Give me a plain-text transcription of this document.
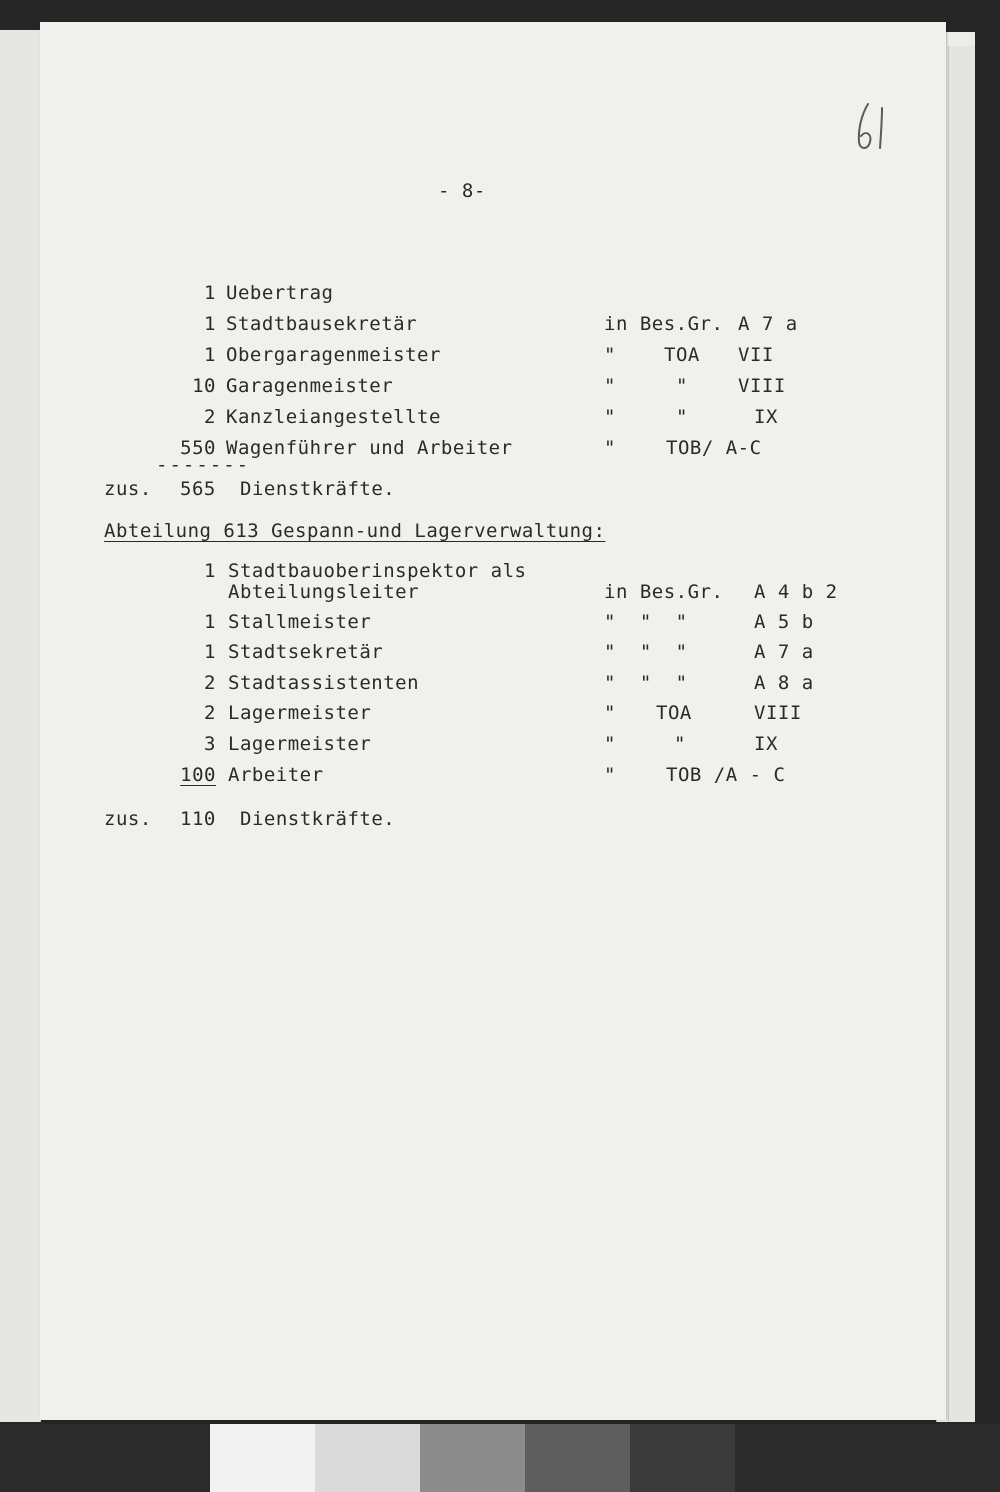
- 8-
1 Uebertrag
1 Stadtbausekretär	in Bes.Gr. A 7 a
1 Obergaragenmeister	"	TOA VII
10 Garagenmeister	"	"	VIII
2 Kanzleiangestellte	"	"	IX
550 Wagenführer und Arbeiter	"	TOB/ A-C
-------
zus. 565 Dienstkräfte.
Abteilung 613 Gespann-und Lagerverwaltung:
1 Stadtbauoberinspektor als
Abteilungsleiter	in Bes.Gr. A 4 b 2
1 Stallmeister	"  "  "	A 5 b
1 Stadtsekretär	"  "  "	A 7 a
2 Stadtassistenten	"  "  "	A 8 a
2 Lagermeister	" TOA	VIII
3 Lagermeister	"	"	IX
100 Arbeiter	"	TOB /A - C
zus. 110 Dienstkräfte.
